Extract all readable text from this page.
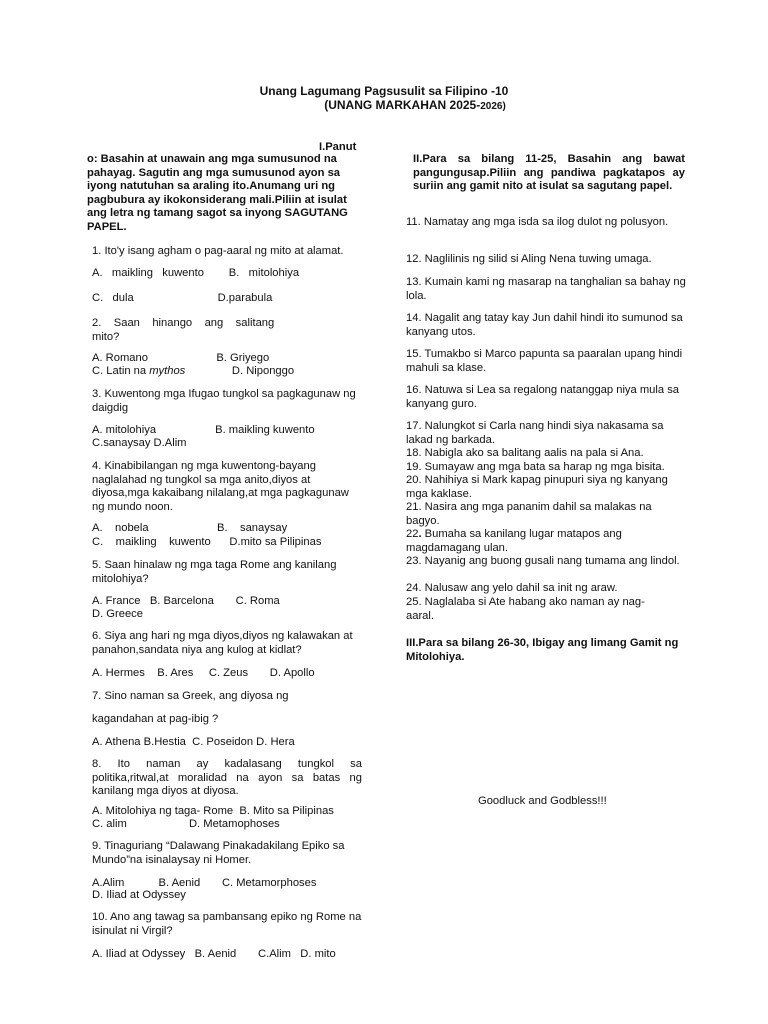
Unang Lagumang Pagsusulit sa Filipino -10
(UNANG MARKAHAN 2025-2026)
I.Panut
o: Basahin at unawain ang mga sumusunod na pahayag. Sagutin ang mga sumusunod ayon sa iyong natutuhan sa araling ito.Anumang uri ng pagbubura ay ikokonsiderang mali.Piliin at isulat ang letra ng tamang sagot sa inyong SAGUTANG PAPEL.
1. Ito'y isang agham o pag-aaral ng mito at alamat.
A.   maikling   kuwento        B.   mitolohiya
C.   dula                           D.parabula
2.    Saan    hinango    ang    salitang mito?
A. Romano                      B. Griyego
C. Latin na mythos               D. Niponggo
3. Kuwentong mga Ifugao tungkol sa pagkagunaw ng daigdig
A. mitolohiya                   B. maikling kuwento
C.sanaysay D.Alim
4. Kinabibilangan ng mga kuwentong-bayang naglalahad ng tungkol sa mga anito,diyos at diyosa,mga kakaibang nilalang,at mga pagkagunaw ng mundo noon.
A.    nobela                      B.    sanaysay
C.    maikling    kuwento      D.mito sa Pilipinas
5. Saan hinalaw ng mga taga Rome ang kanilang mitolohiya?
A. France   B. Barcelona       C. Roma
D. Greece
6. Siya ang hari ng mga diyos,diyos ng kalawakan at panahon,sandata niya ang kulog at kidlat?
A. Hermes    B. Ares     C. Zeus       D. Apollo
7. Sino naman sa Greek, ang diyosa ng
kagandahan at pag-ibig ?
A. Athena B.Hestia  C. Poseidon D. Hera
8.     Ito     naman     ay     kadalasang     tungkol     sa politika,ritwal,at moralidad na ayon sa batas ng kanilang mga diyos at diyosa.
A. Mitolohiya ng taga- Rome  B. Mito sa Pilipinas
C. alim                    D. Metamophoses
9. Tinaguriang “Dalawang Pinakadakilang Epiko sa Mundo”na isinalaysay ni Homer.
A.Alim           B. Aenid       C. Metamorphoses
D. Iliad at Odyssey
10. Ano ang tawag sa pambansang epiko ng Rome na isinulat ni Virgil?
A. Iliad at Odyssey   B. Aenid       C.Alim   D. mito
II.Para sa bilang 11-25, Basahin ang bawat pangungusap.Piliin ang pandiwa pagkatapos ay suriin ang gamit nito at isulat sa sagutang papel.
11. Namatay ang mga isda sa ilog dulot ng polusyon.
12. Naglilinis ng silid si Aling Nena tuwing umaga.
13. Kumain kami ng masarap na tanghalian sa bahay ng lola.
14. Nagalit ang tatay kay Jun dahil hindi ito sumunod sa kanyang utos.
15. Tumakbo si Marco papunta sa paaralan upang hindi mahuli sa klase.
16. Natuwa si Lea sa regalong natanggap niya mula sa kanyang guro.
17. Nalungkot si Carla nang hindi siya nakasama sa lakad ng barkada.
18. Nabigla ako sa balitang aalis na pala si Ana.
19. Sumayaw ang mga bata sa harap ng mga bisita.
20. Nahihiya si Mark kapag pinupuri siya ng kanyang mga kaklase.
21. Nasira ang mga pananim dahil sa malakas na bagyo.
22. Bumaha sa kanilang lugar matapos ang magdamagang ulan.
23. Nayanig ang buong gusali nang tumama ang lindol.
24. Nalusaw ang yelo dahil sa init ng araw.
25. Naglalaba si Ate habang ako naman ay nag-aaral.
III.Para sa bilang 26-30, Ibigay ang limang Gamit ng Mitolohiya.
Goodluck and Godbless!!!
